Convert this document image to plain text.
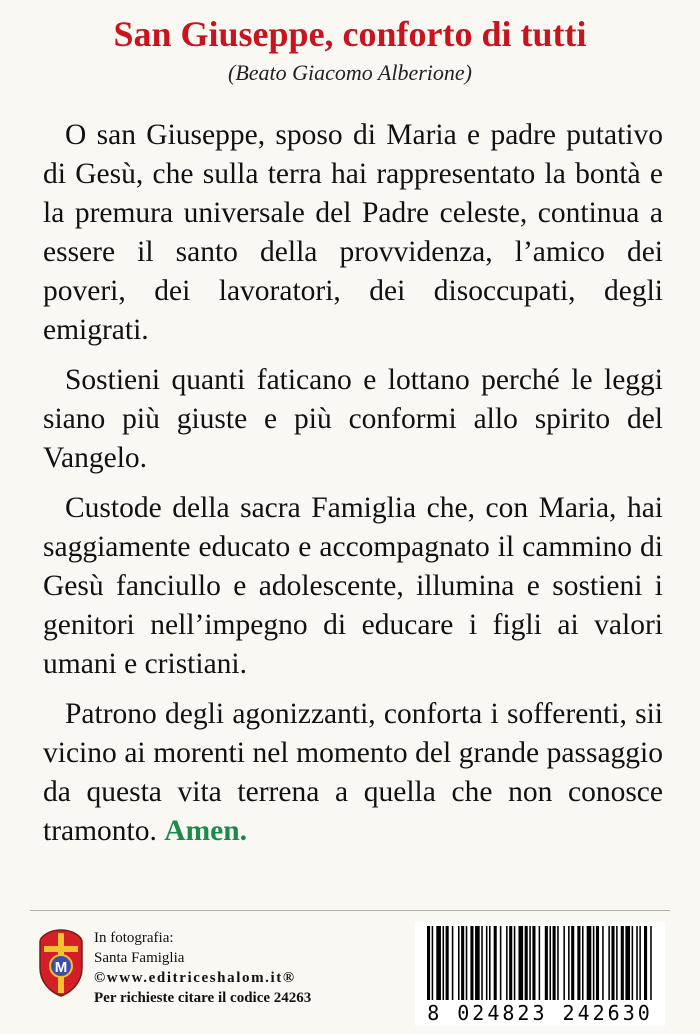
San Giuseppe, conforto di tutti
(Beato Giacomo Alberione)

O san Giuseppe, sposo di Maria e padre putativo di Gesù, che sulla terra hai rappresentato la bontà e la premura universale del Padre celeste, continua a essere il santo della provvidenza, l’amico dei poveri, dei lavoratori, dei disoccupati, degli emigrati.

Sostieni quanti faticano e lottano perché le leggi siano più giuste e più conformi allo spirito del Vangelo.

Custode della sacra Famiglia che, con Maria, hai saggiamente educato e accompagnato il cammino di Gesù fanciullo e adolescente, illumina e sostieni i genitori nell’impegno di educare i figli ai valori umani e cristiani.

Patrono degli agonizzanti, conforta i sofferenti, sii vicino ai morenti nel momento del grande passaggio da questa vita terrena a quella che non conosce tramonto. Amen.

M
In fotografia:
Santa Famiglia
©www.editriceshalom.it®
Per richieste citare il codice 24263
8 024823 242630
